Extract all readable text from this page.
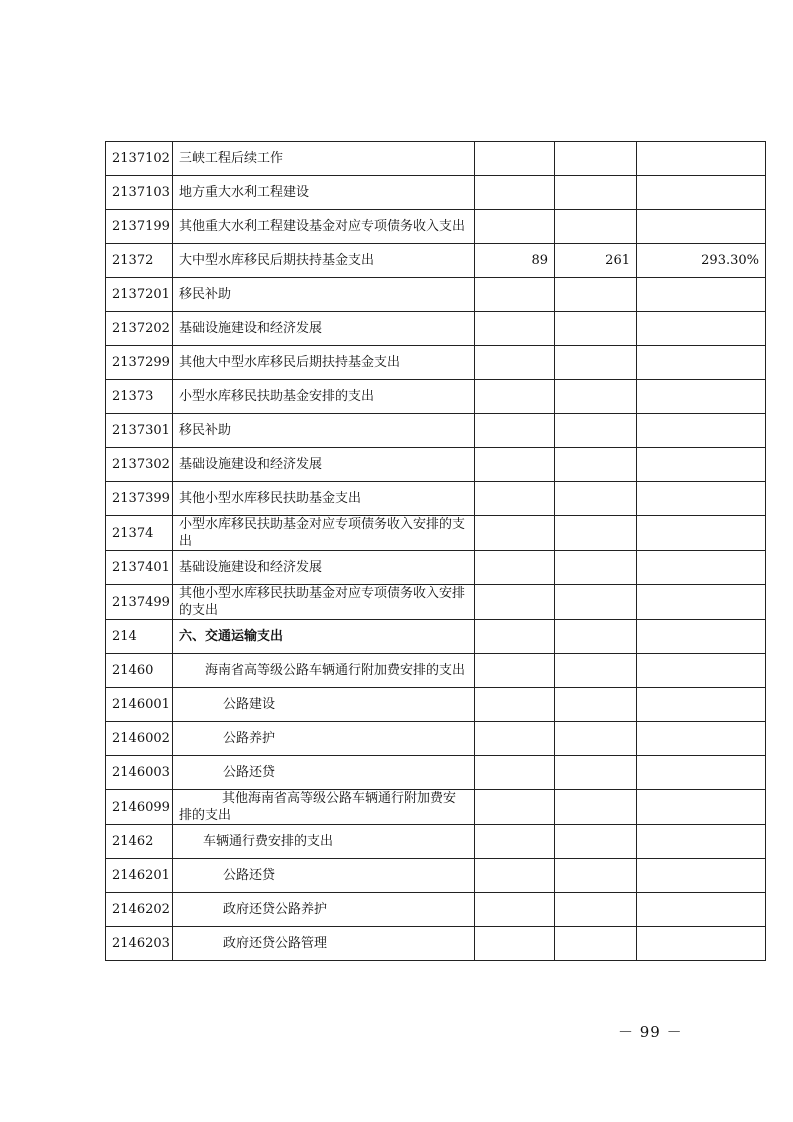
2137102	三峡工程后续工作			
2137103	地方重大水利工程建设			
2137199	其他重大水利工程建设基金对应专项债务收入支出			
21372	大中型水库移民后期扶持基金支出	89	261	293.30%
2137201	移民补助			
2137202	基础设施建设和经济发展			
2137299	其他大中型水库移民后期扶持基金支出			
21373	小型水库移民扶助基金安排的支出			
2137301	移民补助			
2137302	基础设施建设和经济发展			
2137399	其他小型水库移民扶助基金支出			
21374	小型水库移民扶助基金对应专项债务收入安排的支出			
2137401	基础设施建设和经济发展			
2137499	其他小型水库移民扶助基金对应专项债务收入安排的支出			
214	六、交通运输支出			
21460	海南省高等级公路车辆通行附加费安排的支出			
2146001	公路建设			
2146002	公路养护			
2146003	公路还贷			
2146099	其他海南省高等级公路车辆通行附加费安排的支出			
21462	车辆通行费安排的支出			
2146201	公路还贷			
2146202	政府还贷公路养护			
2146203	政府还贷公路管理			
－ 99 －
